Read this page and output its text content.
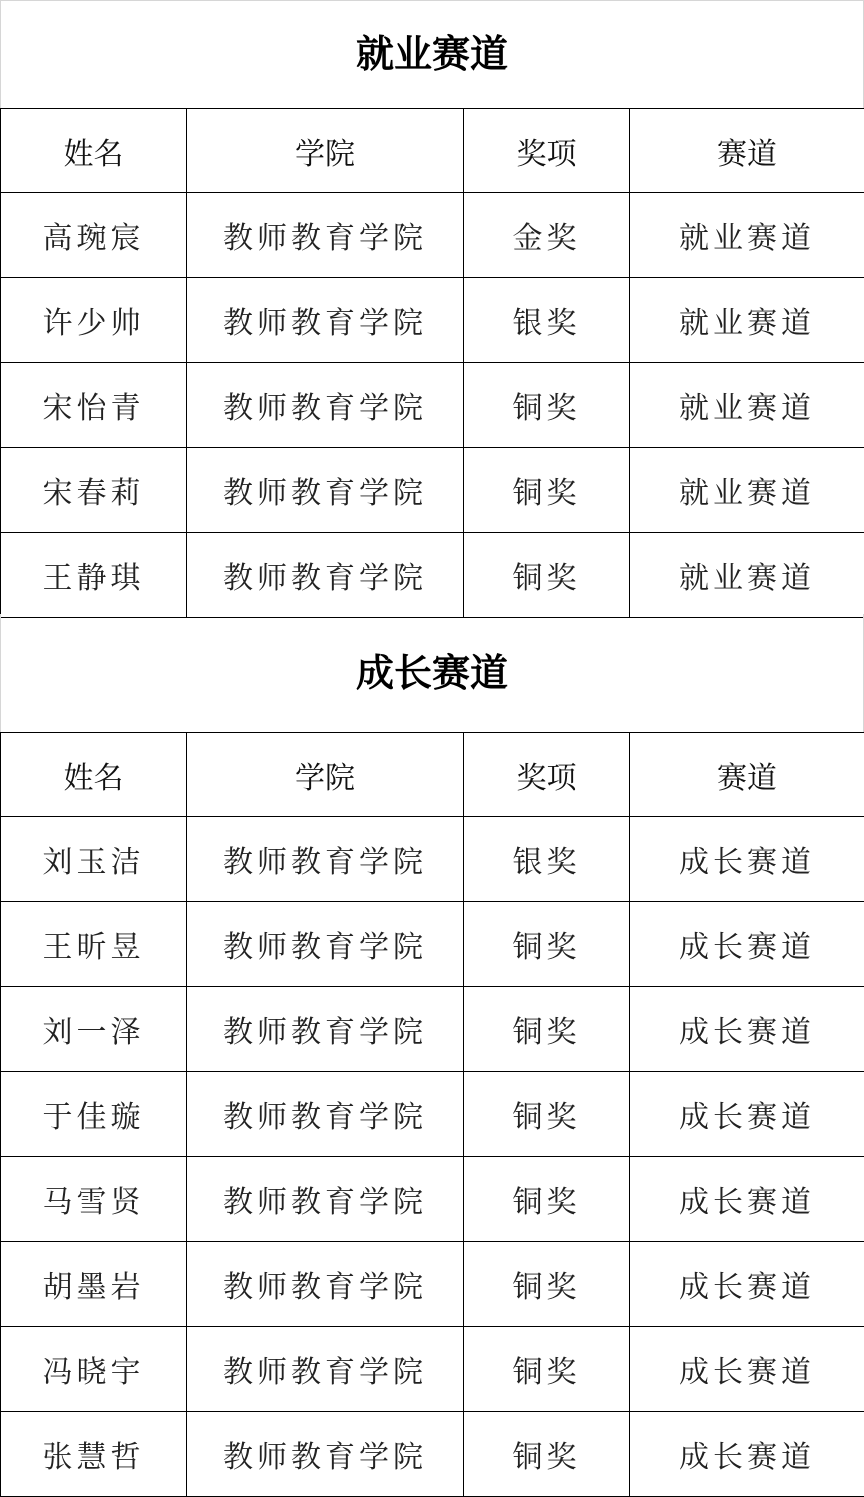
就业赛道
姓名	学院	奖项	赛道
高琬宸	教师教育学院	金奖	就业赛道
许少帅	教师教育学院	银奖	就业赛道
宋怡青	教师教育学院	铜奖	就业赛道
宋春莉	教师教育学院	铜奖	就业赛道
王静琪	教师教育学院	铜奖	就业赛道
成长赛道
姓名	学院	奖项	赛道
刘玉洁	教师教育学院	银奖	成长赛道
王昕昱	教师教育学院	铜奖	成长赛道
刘一泽	教师教育学院	铜奖	成长赛道
于佳璇	教师教育学院	铜奖	成长赛道
马雪贤	教师教育学院	铜奖	成长赛道
胡墨岩	教师教育学院	铜奖	成长赛道
冯晓宇	教师教育学院	铜奖	成长赛道
张慧哲	教师教育学院	铜奖	成长赛道
